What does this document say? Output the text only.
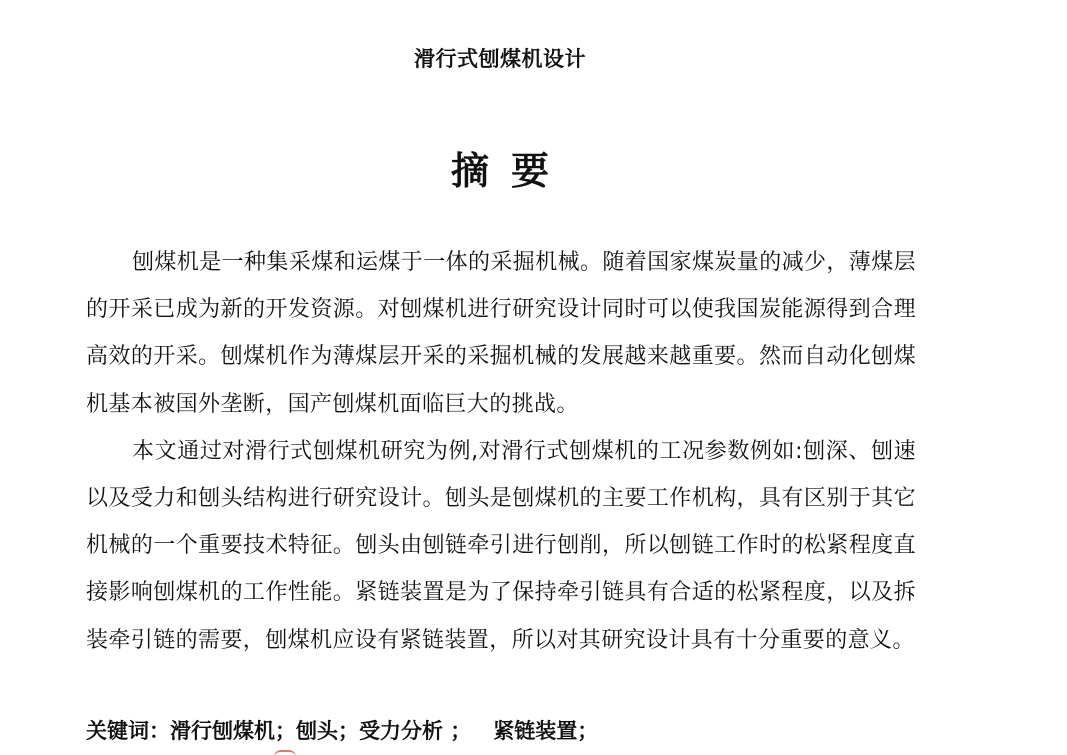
滑行式刨煤机设计
摘要

刨煤机是一种集采煤和运煤于一体的采掘机械。随着国家煤炭量的减少，薄煤层的开采已成为新的开发资源。对刨煤机进行研究设计同时可以使我国炭能源得到合理高效的开采。刨煤机作为薄煤层开采的采掘机械的发展越来越重要。然而自动化刨煤机基本被国外垄断，国产刨煤机面临巨大的挑战。

本文通过对滑行式刨煤机研究为例,对滑行式刨煤机的工况参数例如:刨深、刨速以及受力和刨头结构进行研究设计。刨头是刨煤机的主要工作机构，具有区别于其它机械的一个重要技术特征。刨头由刨链牵引进行刨削，所以刨链工作时的松紧程度直接影响刨煤机的工作性能。紧链装置是为了保持牵引链具有合适的松紧程度，以及拆装牵引链的需要，刨煤机应设有紧链装置，所以对其研究设计具有十分重要的意义。

关键词：滑行刨煤机；刨头；受力分析 ； 紧链装置；
